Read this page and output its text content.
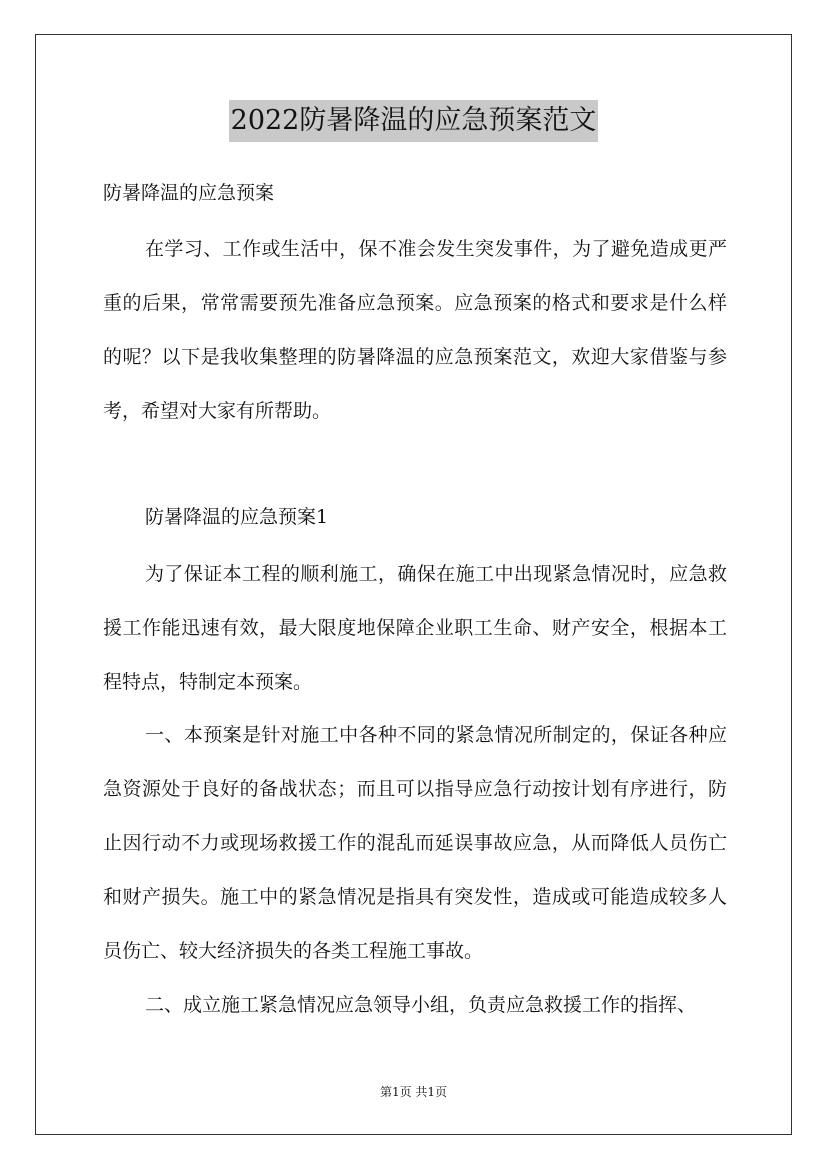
2022防暑降温的应急预案范文
防暑降温的应急预案

在学习、工作或生活中，保不准会发生突发事件，为了避免造成更严重的后果，常常需要预先准备应急预案。应急预案的格式和要求是什么样的呢？以下是我收集整理的防暑降温的应急预案范文，欢迎大家借鉴与参考，希望对大家有所帮助。

防暑降温的应急预案1

为了保证本工程的顺利施工，确保在施工中出现紧急情况时，应急救援工作能迅速有效，最大限度地保障企业职工生命、财产安全，根据本工程特点，特制定本预案。

一、本预案是针对施工中各种不同的紧急情况所制定的，保证各种应急资源处于良好的备战状态；而且可以指导应急行动按计划有序进行，防止因行动不力或现场救援工作的混乱而延误事故应急，从而降低人员伤亡和财产损失。施工中的紧急情况是指具有突发性，造成或可能造成较多人员伤亡、较大经济损失的各类工程施工事故。

二、成立施工紧急情况应急领导小组，负责应急救援工作的指挥、

第1页 共1页
